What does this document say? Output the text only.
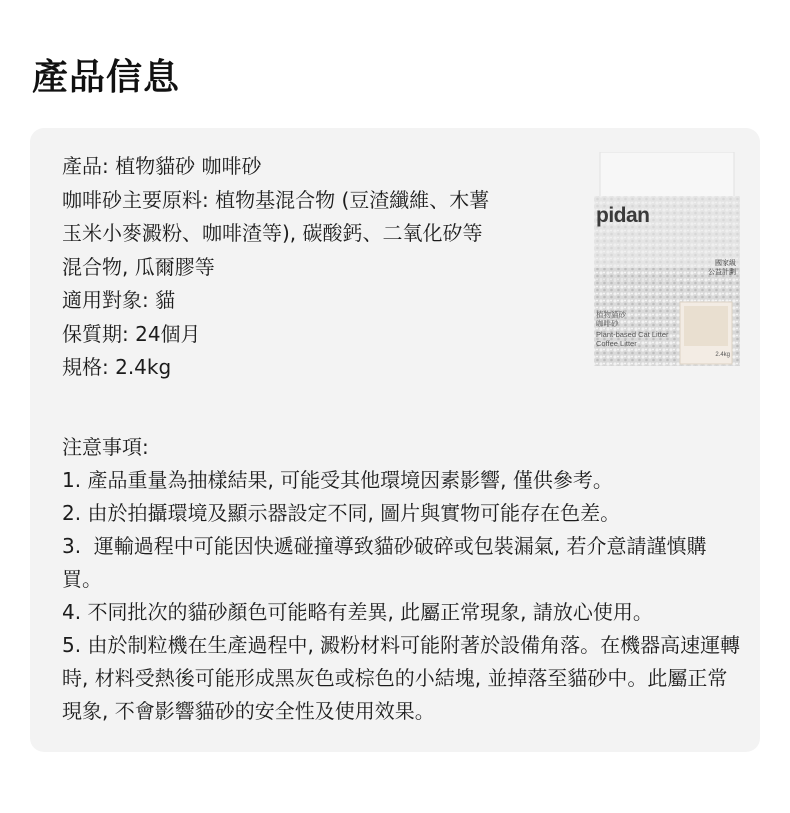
產品信息
產品: 植物貓砂 咖啡砂
咖啡砂主要原料: 植物基混合物 (豆渣纖維、木薯
玉米小麥澱粉、咖啡渣等), 碳酸鈣、二氧化矽等
混合物, 瓜爾膠等
適用對象: 貓
保質期: 24個月
規格: 2.4kg
pidan
國家級
公益計劃
植物貓砂
咖啡砂
Plant-based Cat Litter
Coffee Litter
2.4kg
注意事項:
1. 產品重量為抽樣結果, 可能受其他環境因素影響, 僅供參考。
2. 由於拍攝環境及顯示器設定不同, 圖片與實物可能存在色差。
3.  運輸過程中可能因快遞碰撞導致貓砂破碎或包裝漏氣, 若介意請謹慎購買。
4. 不同批次的貓砂顏色可能略有差異, 此屬正常現象, 請放心使用。
5. 由於制粒機在生產過程中, 澱粉材料可能附著於設備角落。在機器高速運轉時, 材料受熱後可能形成黑灰色或棕色的小結塊, 並掉落至貓砂中。此屬正常現象, 不會影響貓砂的安全性及使用效果。
